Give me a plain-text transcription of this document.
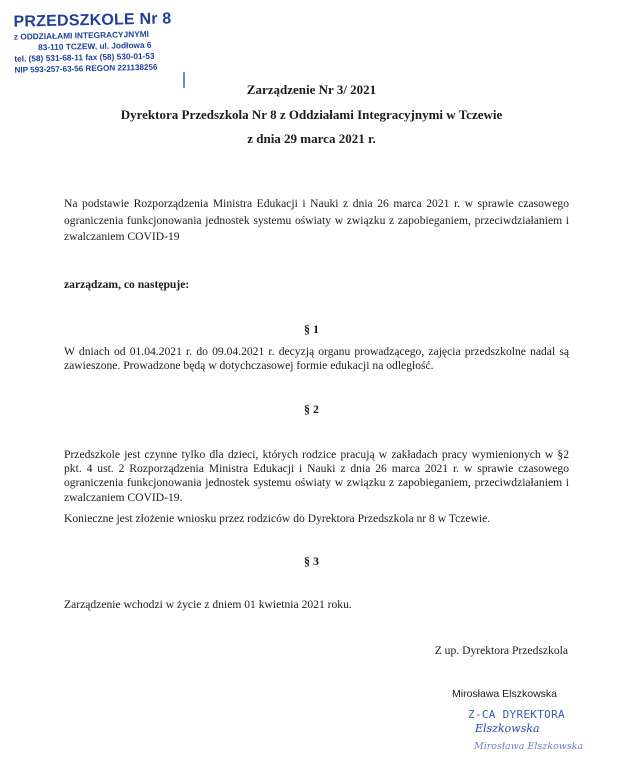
PRZEDSZKOLE Nr 8
z ODDZIAŁAMI INTEGRACYJNYMI
83-110 TCZEW, ul. Jodłowa 6
tel. (58) 531-68-11 fax (58) 530-01-53
NIP 593-257-63-56 REGON 221138256
Zarządzenie Nr 3/ 2021
Dyrektora Przedszkola Nr 8 z Oddziałami Integracyjnymi w Tczewie
z dnia 29 marca 2021 r.
Na podstawie Rozporządzenia Ministra Edukacji i Nauki z dnia 26 marca 2021 r. w sprawie czasowego ograniczenia funkcjonowania jednostek systemu oświaty w związku z zapobieganiem, przeciwdziałaniem i zwalczaniem COVID-19
zarządzam, co następuje:
§ 1
W dniach od 01.04.2021 r. do 09.04.2021 r. decyzją organu prowadzącego, zajęcia przedszkolne nadal są zawieszone. Prowadzone będą w dotychczasowej formie edukacji na odległość.
§ 2
Przedszkole jest czynne tylko dla dzieci, których rodzice pracują w zakładach pracy wymienionych w §2 pkt. 4 ust. 2 Rozporządzenia Ministra Edukacji i Nauki z dnia 26 marca 2021 r. w sprawie czasowego ograniczenia funkcjonowania jednostek systemu oświaty w związku z zapobieganiem, przeciwdziałaniem i zwalczaniem COVID-19.
Konieczne jest złożenie wniosku przez rodziców do Dyrektora Przedszkola nr 8 w Tczewie.
§ 3
Zarządzenie wchodzi w życie z dniem 01 kwietnia 2021 roku.
Z up. Dyrektora Przedszkola
Mirosława Elszkowska
Z-CA DYREKTORA
Elszkowska
Mirosława Elszkowska
